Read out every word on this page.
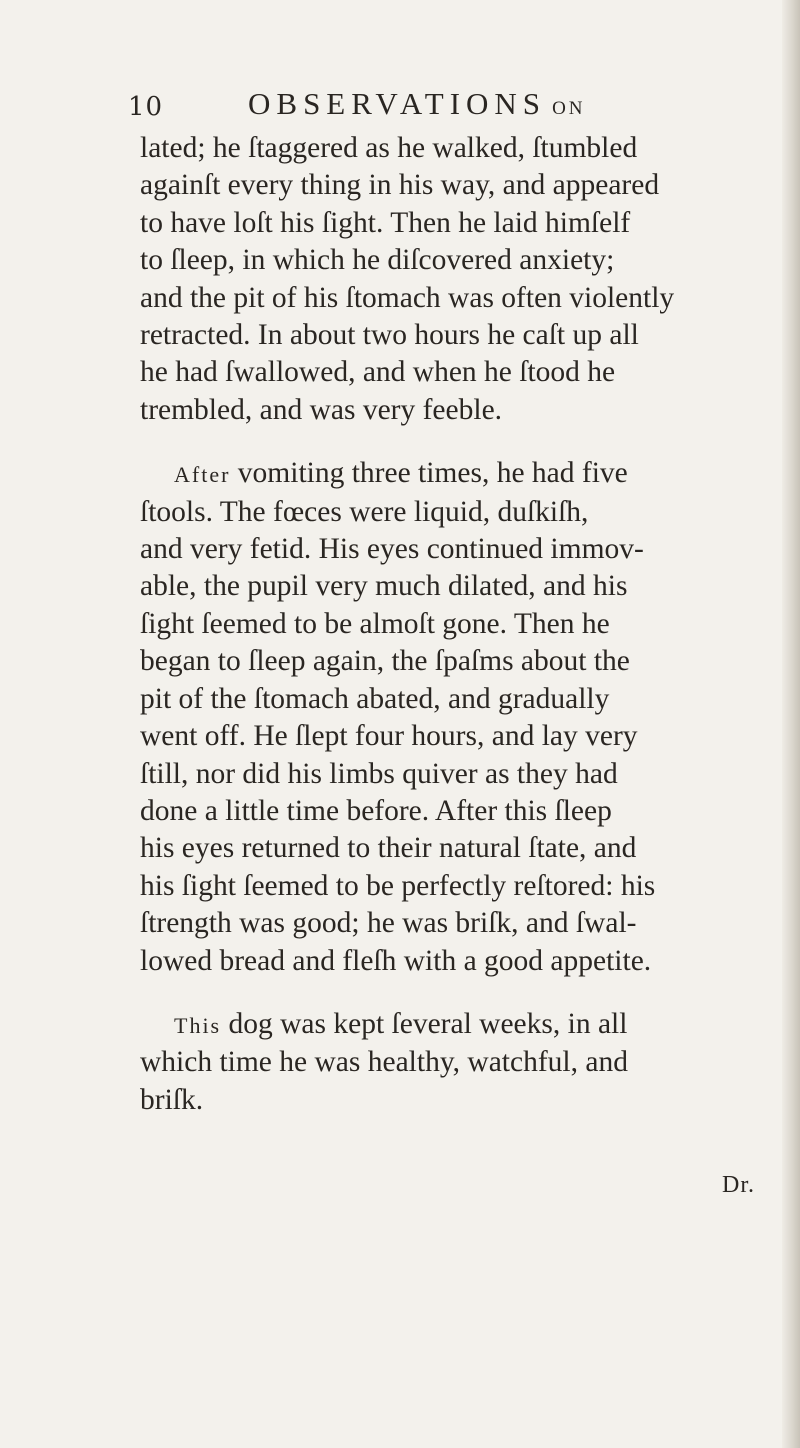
10	OBSERVATIONS ON

lated; he ſtaggered as he walked, ſtumbled
againſt every thing in his way, and appeared
to have loſt his ſight. Then he laid himſelf
to ſleep, in which he diſcovered anxiety;
and the pit of his ſtomach was often violently
retracted. In about two hours he caſt up all
he had ſwallowed, and when he ſtood he
trembled, and was very feeble.

After vomiting three times, he had five
ſtools. The fœces were liquid, duſkiſh,
and very fetid. His eyes continued immov-
able, the pupil very much dilated, and his
ſight ſeemed to be almoſt gone. Then he
began to ſleep again, the ſpaſms about the
pit of the ſtomach abated, and gradually
went off. He ſlept four hours, and lay very
ſtill, nor did his limbs quiver as they had
done a little time before. After this ſleep
his eyes returned to their natural ſtate, and
his ſight ſeemed to be perfectly reſtored: his
ſtrength was good; he was briſk, and ſwal-
lowed bread and fleſh with a good appetite.

This dog was kept ſeveral weeks, in all
which time he was healthy, watchful, and
briſk.

Dr.
